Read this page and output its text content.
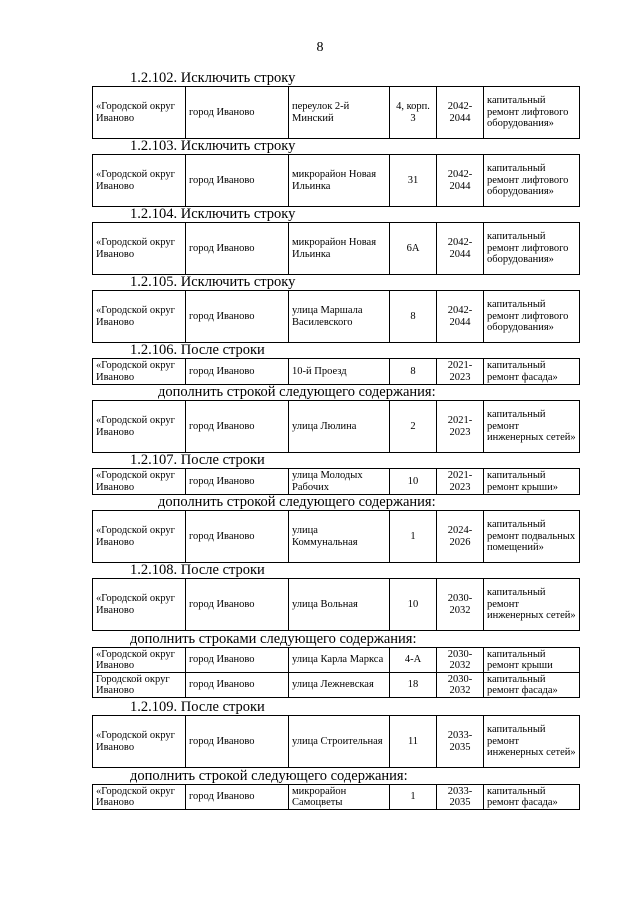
8
1.2.102. Исключить строку
«Городской округ Иваново	город Иваново	переулок 2-й Минский	4, корп. 3	2042-2044	капитальный ремонт лифтового оборудования»
1.2.103. Исключить строку
«Городской округ Иваново	город Иваново	микрорайон Новая Ильинка	31	2042-2044	капитальный ремонт лифтового оборудования»
1.2.104. Исключить строку
«Городской округ Иваново	город Иваново	микрорайон Новая Ильинка	6А	2042-2044	капитальный ремонт лифтового оборудования»
1.2.105. Исключить строку
«Городской округ Иваново	город Иваново	улица Маршала Василевского	8	2042-2044	капитальный ремонт лифтового оборудования»
1.2.106. После строки
«Городской округ Иваново	город Иваново	10-й Проезд	8	2021-2023	капитальный ремонт фасада»
дополнить строкой следующего содержания:
«Городской округ Иваново	город Иваново	улица Люлина	2	2021-2023	капитальный ремонт инженерных сетей»
1.2.107. После строки
«Городской округ Иваново	город Иваново	улица Молодых Рабочих	10	2021-2023	капитальный ремонт крыши»
дополнить строкой следующего содержания:
«Городской округ Иваново	город Иваново	улица Коммунальная	1	2024-2026	капитальный ремонт подвальных помещений»
1.2.108. После строки
«Городской округ Иваново	город Иваново	улица Вольная	10	2030-2032	капитальный ремонт инженерных сетей»
дополнить строками следующего содержания:
«Городской округ Иваново	город Иваново	улица Карла Маркса	4-А	2030-2032	капитальный ремонт крыши
Городской округ Иваново	город Иваново	улица Лежневская	18	2030-2032	капитальный ремонт фасада»
1.2.109. После строки
«Городской округ Иваново	город Иваново	улица Строительная	11	2033-2035	капитальный ремонт инженерных сетей»
дополнить строкой следующего содержания:
«Городской округ Иваново	город Иваново	микрорайон Самоцветы	1	2033-2035	капитальный ремонт фасада»
